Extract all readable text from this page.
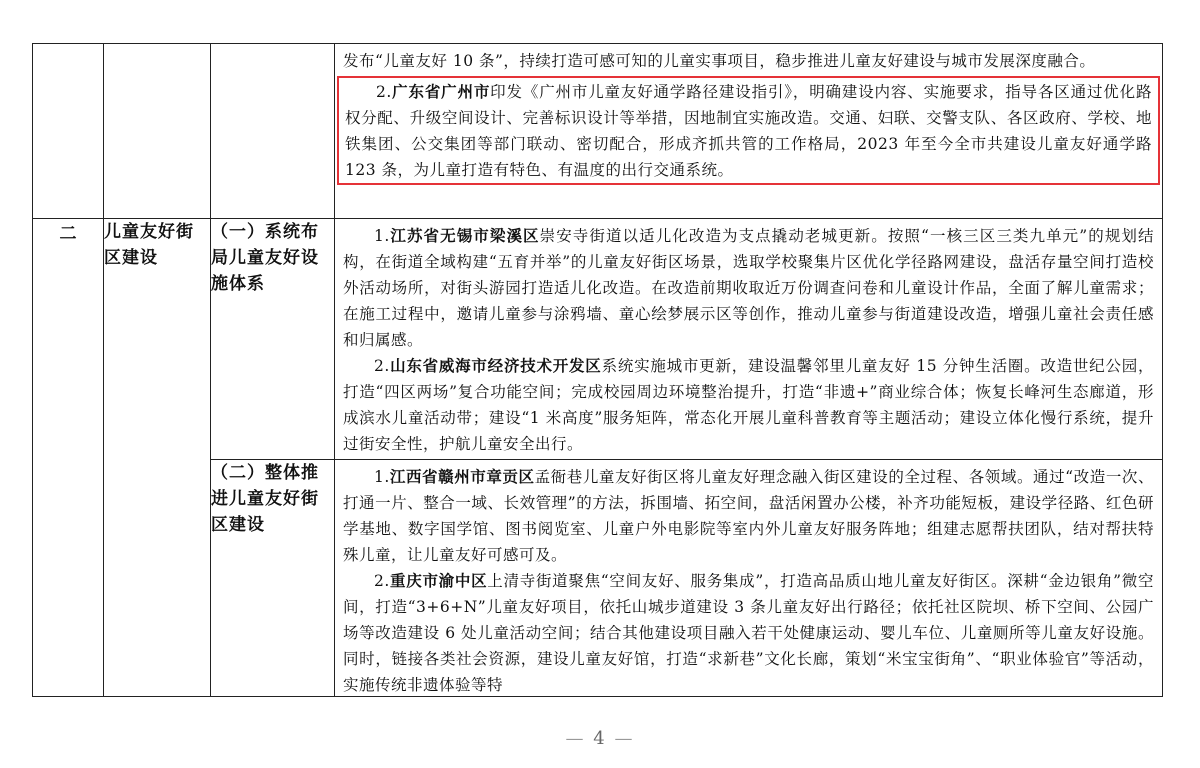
			发布“儿童友好 10 条”，持续打造可感可知的儿童实事项目，稳步推进儿童友好建设与城市发展深度融合。

2.广东省广州市印发《广州市儿童友好通学路径建设指引》，明确建设内容、实施要求，指导各区通过优化路权分配、升级空间设计、完善标识设计等举措，因地制宜实施改造。交通、妇联、交警支队、各区政府、学校、地铁集团、公交集团等部门联动、密切配合，形成齐抓共管的工作格局，2023 年至今全市共建设儿童友好通学路 123 条，为儿童打造有特色、有温度的出行交通系统。

二	儿童友好街区建设	（一）系统布局儿童友好设施体系	1.江苏省无锡市梁溪区崇安寺街道以适儿化改造为支点撬动老城更新。按照“一核三区三类九单元”的规划结构，在街道全域构建“五育并举”的儿童友好街区场景，选取学校聚集片区优化学径路网建设，盘活存量空间打造校外活动场所，对街头游园打造适儿化改造。在改造前期收取近万份调查问卷和儿童设计作品，全面了解儿童需求；在施工过程中，邀请儿童参与涂鸦墙、童心绘梦展示区等创作，推动儿童参与街道建设改造，增强儿童社会责任感和归属感。

2.山东省威海市经济技术开发区系统实施城市更新，建设温馨邻里儿童友好 15 分钟生活圈。改造世纪公园，打造“四区两场”复合功能空间；完成校园周边环境整治提升，打造“非遗+”商业综合体；恢复长峰河生态廊道，形成滨水儿童活动带；建设“1 米高度”服务矩阵，常态化开展儿童科普教育等主题活动；建设立体化慢行系统，提升过街安全性，护航儿童安全出行。

		（二）整体推进儿童友好街区建设	1.江西省赣州市章贡区孟衙巷儿童友好街区将儿童友好理念融入街区建设的全过程、各领域。通过“改造一次、打通一片、整合一域、长效管理”的方法，拆围墙、拓空间，盘活闲置办公楼，补齐功能短板，建设学径路、红色研学基地、数字国学馆、图书阅览室、儿童户外电影院等室内外儿童友好服务阵地；组建志愿帮扶团队，结对帮扶特殊儿童，让儿童友好可感可及。

2.重庆市渝中区上清寺街道聚焦“空间友好、服务集成”，打造高品质山地儿童友好街区。深耕“金边银角”微空间，打造“3+6+N”儿童友好项目，依托山城步道建设 3 条儿童友好出行路径；依托社区院坝、桥下空间、公园广场等改造建设 6 处儿童活动空间；结合其他建设项目融入若干处健康运动、婴儿车位、儿童厕所等儿童友好设施。同时，链接各类社会资源，建设儿童友好馆，打造“求新巷”文化长廊，策划“米宝宝街角”、“职业体验官”等活动，实施传统非遗体验等特

— 4 —
